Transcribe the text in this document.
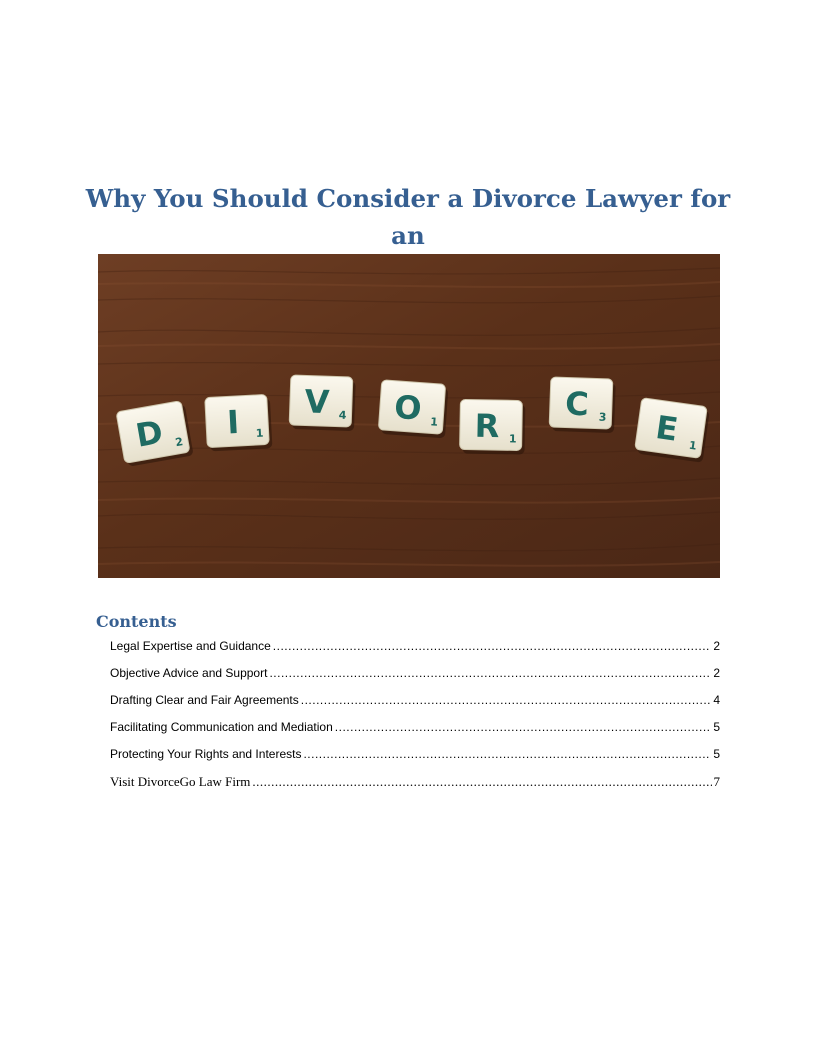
Why You Should Consider a Divorce Lawyer for an
D 2
I 1
V 4 O 1 R 1
C 3 E 1
Contents
Legal Expertise and Guidance .....	2
Objective Advice and Support .....	2
Drafting Clear and Fair Agreements .....	4
Facilitating Communication and Mediation .....	5
Protecting Your Rights and Interests .....	5
Visit DivorceGo Law Firm .....	7
